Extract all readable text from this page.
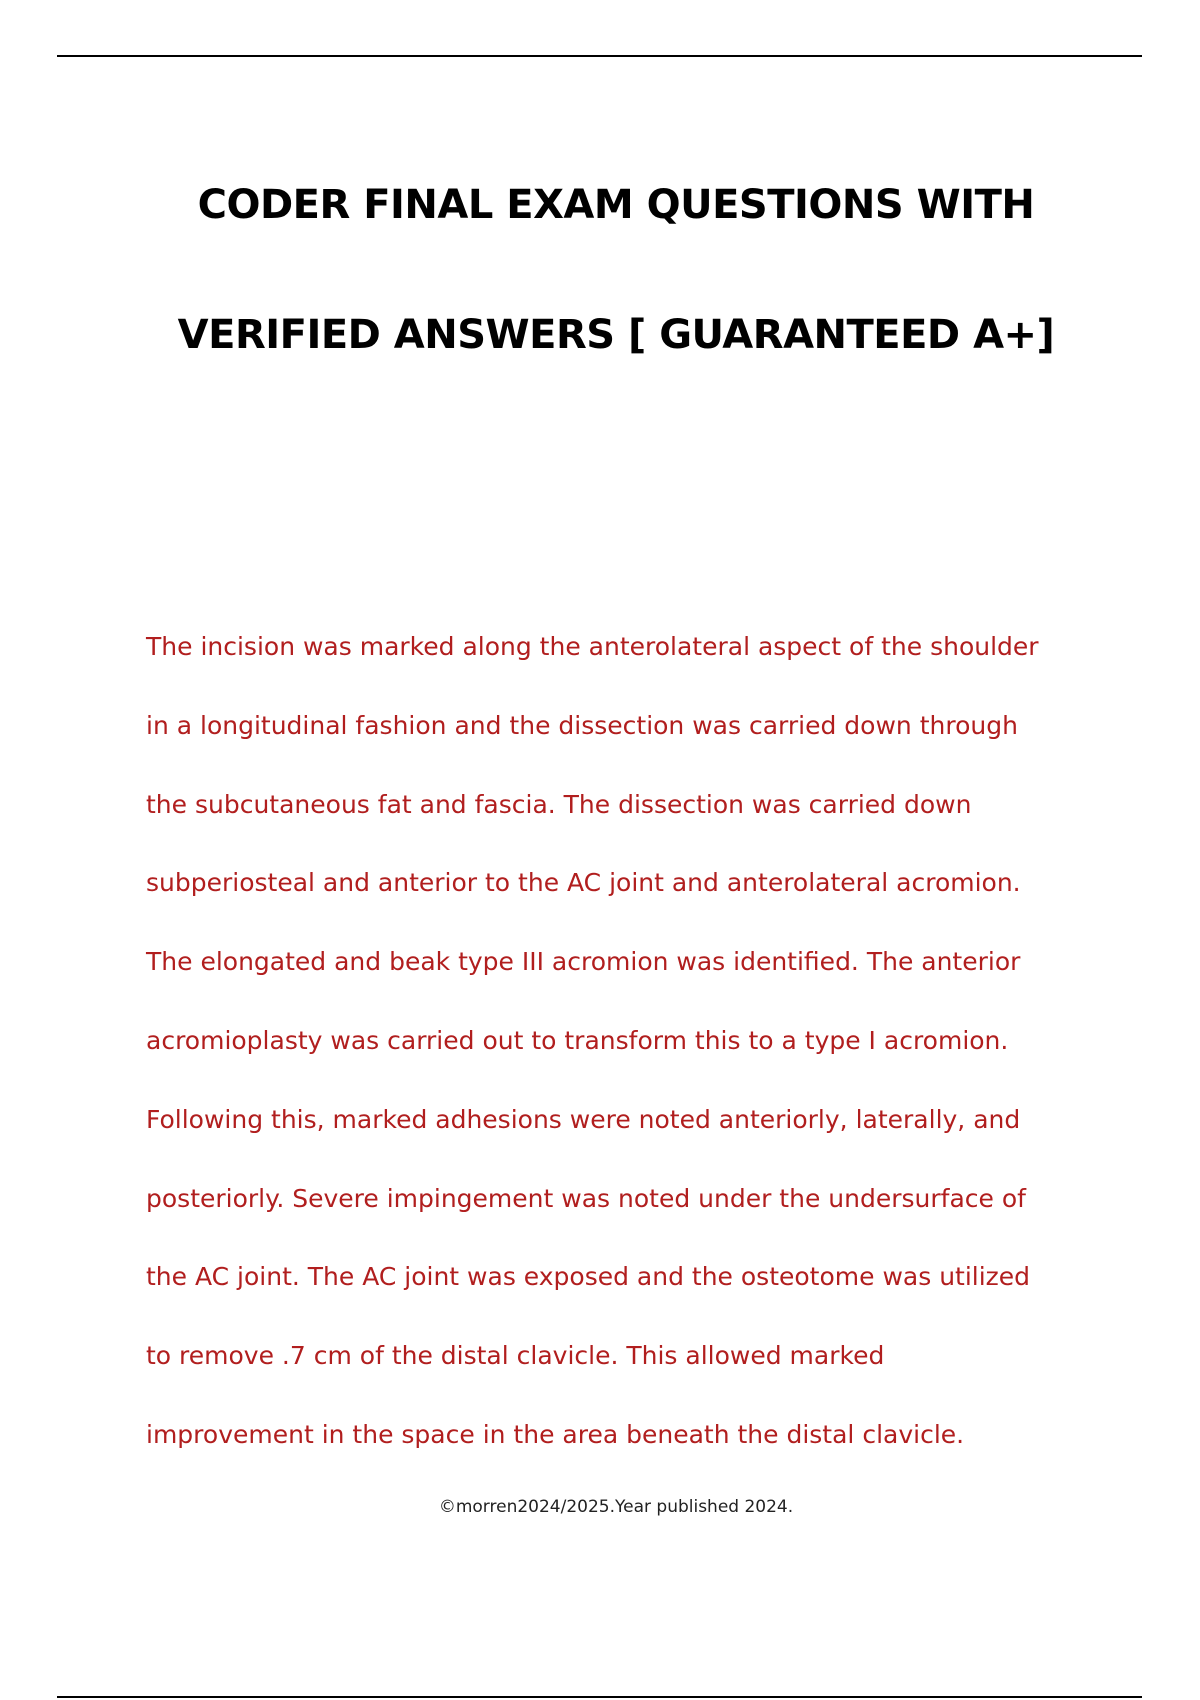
CODER FINAL EXAM QUESTIONS WITH
VERIFIED ANSWERS [ GUARANTEED A+]
The incision was marked along the anterolateral aspect of the shoulder
in a longitudinal fashion and the dissection was carried down through
the subcutaneous fat and fascia. The dissection was carried down
subperiosteal and anterior to the AC joint and anterolateral acromion.
The elongated and beak type III acromion was identified. The anterior
acromioplasty was carried out to transform this to a type I acromion.
Following this, marked adhesions were noted anteriorly, laterally, and
posteriorly. Severe impingement was noted under the undersurface of
the AC joint. The AC joint was exposed and the osteotome was utilized
to remove .7 cm of the distal clavicle. This allowed marked
improvement in the space in the area beneath the distal clavicle.
©morren2024/2025.Year published 2024.
